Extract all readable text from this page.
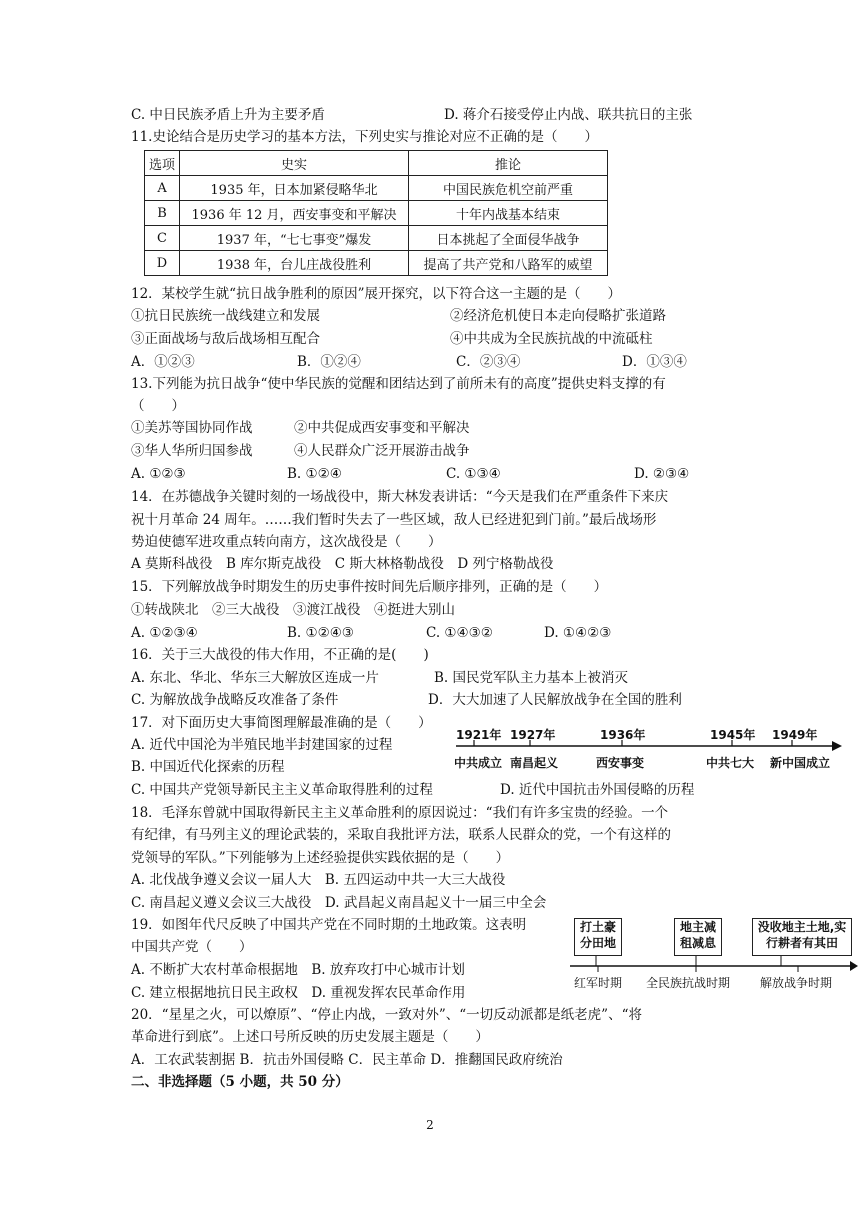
C. 中日民族矛盾上升为主要矛盾	D. 蒋介石接受停止内战、联共抗日的主张
11.史论结合是历史学习的基本方法，下列史实与推论对应不正确的是（　　）
选项	史实	推论
A	1935 年，日本加紧侵略华北	中国民族危机空前严重
B	1936 年 12 月，西安事变和平解决	十年内战基本结束
C	1937 年，“七七事变”爆发	日本挑起了全面侵华战争
D	1938 年，台儿庄战役胜利	提高了共产党和八路军的威望
12．某校学生就“抗日战争胜利的原因”展开探究，以下符合这一主题的是（　　）
①抗日民族统一战线建立和发展	②经济危机使日本走向侵略扩张道路
③正面战场与敌后战场相互配合	④中共成为全民族抗战的中流砥柱
A．①②③	B．①②④	C．②③④	D．①③④
13.下列能为抗日战争“使中华民族的觉醒和团结达到了前所未有的高度”提供史料支撑的有
（　　）
①美苏等国协同作战	②中共促成西安事变和平解决
③华人华所归国参战	④人民群众广泛开展游击战争
A. ①②③	B. ①②④	C. ①③④	D. ②③④
14．在苏德战争关键时刻的一场战役中，斯大林发表讲话：“今天是我们在严重条件下来庆
祝十月革命 24 周年。……我们暂时失去了一些区域，敌人已经进犯到门前。”最后战场形
势迫使德军进攻重点转向南方，这次战役是（　　）
A 莫斯科战役　B 库尔斯克战役　C 斯大林格勒战役　D 列宁格勒战役
15．下列解放战争时期发生的历史事件按时间先后顺序排列，正确的是（　　）
①转战陕北　②三大战役　③渡江战役　④挺进大别山
A. ①②③④	B. ①②④③	C. ①④③②	D. ①④②③
16．关于三大战役的伟大作用，不正确的是(　　)
A. 东北、华北、华东三大解放区连成一片	B. 国民党军队主力基本上被消灭
C. 为解放战争战略反攻准备了条件	D．大大加速了人民解放战争在全国的胜利
17．对下面历史大事简图理解最准确的是（　　）
A. 近代中国沦为半殖民地半封建国家的过程
B. 中国近代化探索的历程
C. 中国共产党领导新民主主义革命取得胜利的过程	D. 近代中国抗击外国侵略的历程
1921年 1927年	1936年	1945年 1949年
中共成立 南昌起义	西安事变	中共七大 新中国成立
18．毛泽东曾就中国取得新民主主义革命胜利的原因说过：“我们有许多宝贵的经验。一个
有纪律，有马列主义的理论武装的，采取自我批评方法，联系人民群众的党，一个有这样的
党领导的军队。”下列能够为上述经验提供实践依据的是（　　）
A. 北伐战争遵义会议一届人大　B. 五四运动中共一大三大战役
C. 南昌起义遵义会议三大战役　D. 武昌起义南昌起义十一届三中全会
19．如图年代尺反映了中国共产党在不同时期的土地政策。这表明
中国共产党（　　）
A. 不断扩大农村革命根据地　B. 放弃攻打中心城市计划
C. 建立根据地抗日民主政权　D. 重视发挥农民革命作用
打土豪
分田地
地主减
租减息
没收地主土地,实
行耕者有其田
红军时期 全民族抗战时期 解放战争时期
20．“星星之火，可以燎原”、“停止内战，一致对外”、“一切反动派都是纸老虎”、“将
革命进行到底”。上述口号所反映的历史发展主题是（　　）
A．工农武装割据 B．抗击外国侵略 C．民主革命 D．推翻国民政府统治
二、非选择题（5 小题，共 50 分）
2
